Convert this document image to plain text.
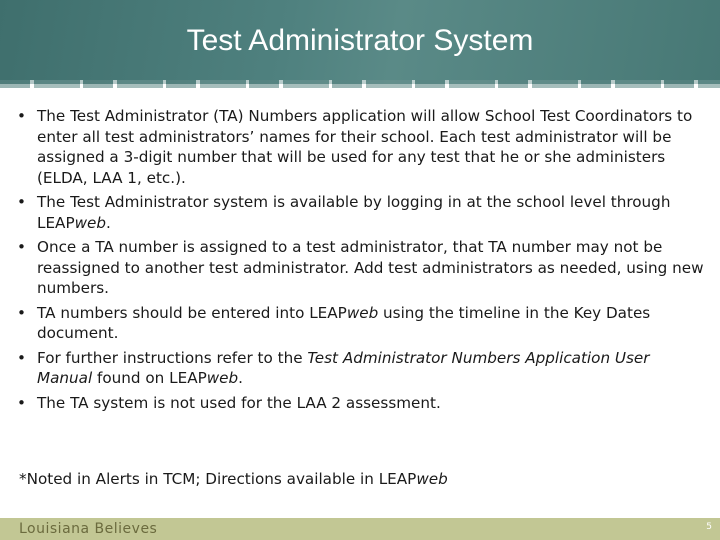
Test Administrator System
• The Test Administrator (TA) Numbers application will allow School Test Coordinators to enter all test administrators’ names for their school. Each test administrator will be assigned a 3-digit number that will be used for any test that he or she administers (ELDA, LAA 1, etc.).
• The Test Administrator system is available by logging in at the school level through LEAPweb.
• Once a TA number is assigned to a test administrator, that TA number may not be reassigned to another test administrator. Add test administrators as needed, using new numbers.
• TA numbers should be entered into LEAPweb using the timeline in the Key Dates document.
• For further instructions refer to the Test Administrator Numbers Application User Manual found on LEAPweb.
• The TA system is not used for the LAA 2 assessment.
*Noted in Alerts in TCM; Directions available in LEAPweb
Louisiana Believes	5
